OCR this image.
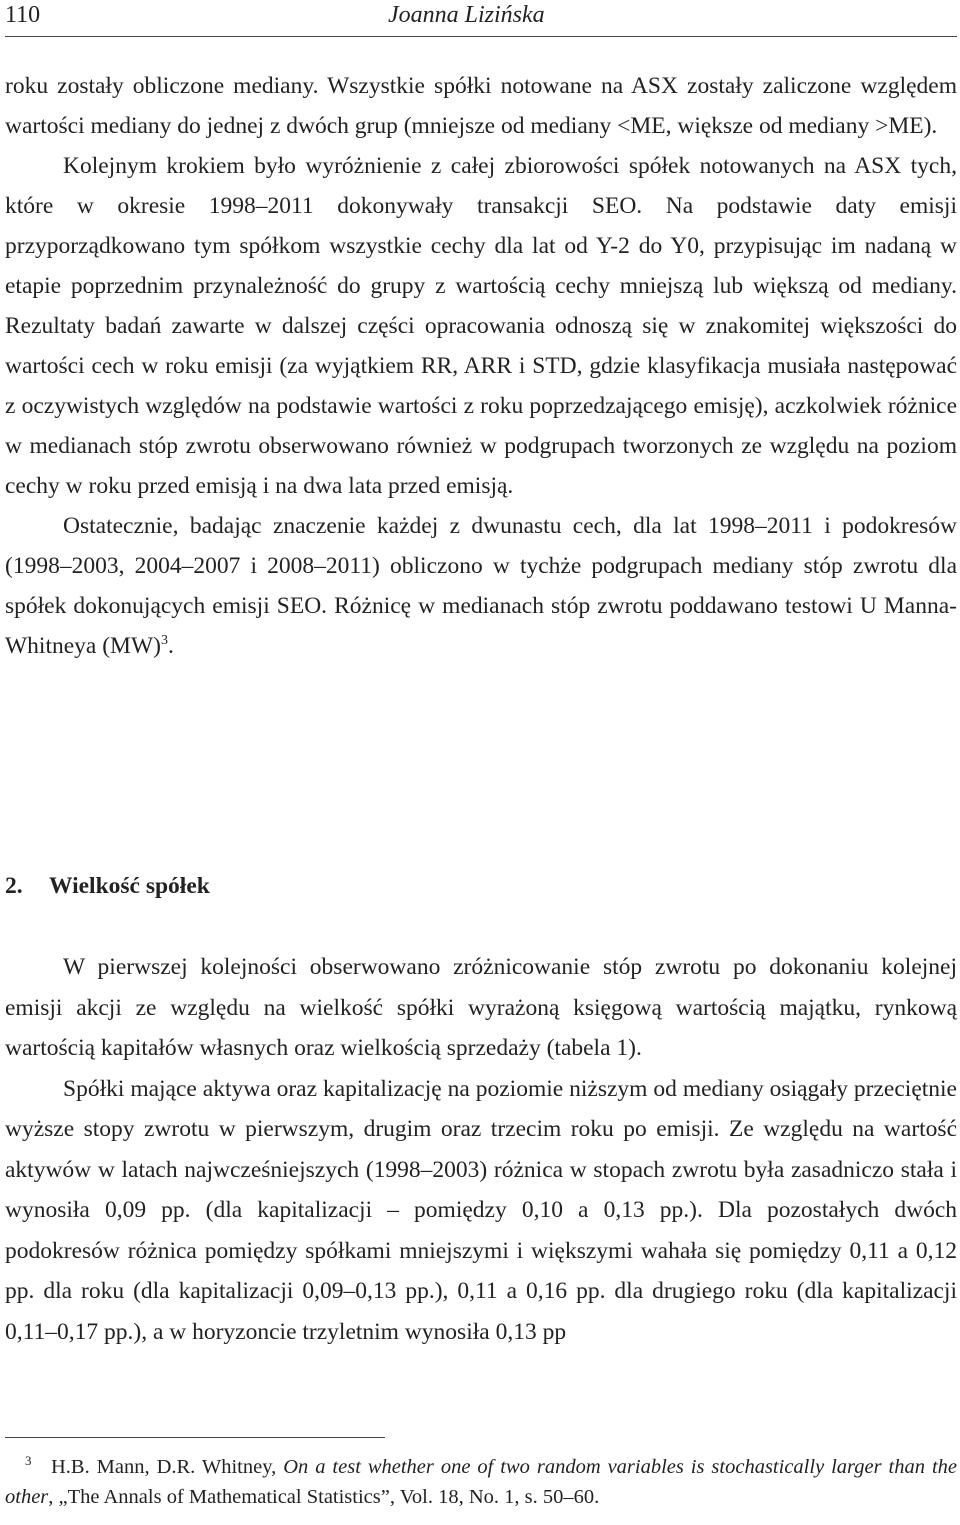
110	Joanna Lizińska

roku zostały obliczone mediany. Wszystkie spółki notowane na ASX zostały zaliczone względem wartości mediany do jednej z dwóch grup (mniejsze od mediany <ME, większe od mediany >ME).

Kolejnym krokiem było wyróżnienie z całej zbiorowości spółek notowanych na ASX tych, które w okresie 1998–2011 dokonywały transakcji SEO. Na podstawie daty emisji przyporządkowano tym spółkom wszystkie cechy dla lat od Y-2 do Y0, przypisując im nadaną w etapie poprzednim przynależność do grupy z wartością cechy mniejszą lub większą od mediany. Rezultaty badań zawarte w dalszej części opracowania odnoszą się w znakomitej większości do wartości cech w roku emisji (za wyjątkiem RR, ARR i STD, gdzie klasyfikacja musiała następować z oczywistych względów na podstawie wartości z roku poprzedzającego emisję), aczkolwiek różnice w medianach stóp zwrotu obserwowano również w podgrupach tworzonych ze względu na poziom cechy w roku przed emisją i na dwa lata przed emisją.

Ostatecznie, badając znaczenie każdej z dwunastu cech, dla lat 1998–2011 i podokresów (1998–2003, 2004–2007 i 2008–2011) obliczono w tychże podgrupach mediany stóp zwrotu dla spółek dokonujących emisji SEO. Różnicę w medianach stóp zwrotu poddawano testowi U Manna-Whitneya (MW)$^3$.

2. Wielkość spółek

W pierwszej kolejności obserwowano zróżnicowanie stóp zwrotu po dokonaniu kolejnej emisji akcji ze względu na wielkość spółki wyrażoną księgową wartością majątku, rynkową wartością kapitałów własnych oraz wielkością sprzedaży (tabela 1).

Spółki mające aktywa oraz kapitalizację na poziomie niższym od mediany osiągały przeciętnie wyższe stopy zwrotu w pierwszym, drugim oraz trzecim roku po emisji. Ze względu na wartość aktywów w latach najwcześniejszych (1998–2003) różnica w stopach zwrotu była zasadniczo stała i wynosiła 0,09 pp. (dla kapitalizacji – pomiędzy 0,10 a 0,13 pp.). Dla pozostałych dwóch podokresów różnica pomiędzy spółkami mniejszymi i większymi wahała się pomiędzy 0,11 a 0,12 pp. dla roku (dla kapitalizacji 0,09–0,13 pp.), 0,11 a 0,16 pp. dla drugiego roku (dla kapitalizacji 0,11–0,17 pp.), a w horyzoncie trzyletnim wynosiła 0,13 pp

3 H.B. Mann, D.R. Whitney, On a test whether one of two random variables is stochastically larger than the other, „The Annals of Mathematical Statistics”, Vol. 18, No. 1, s. 50–60.
